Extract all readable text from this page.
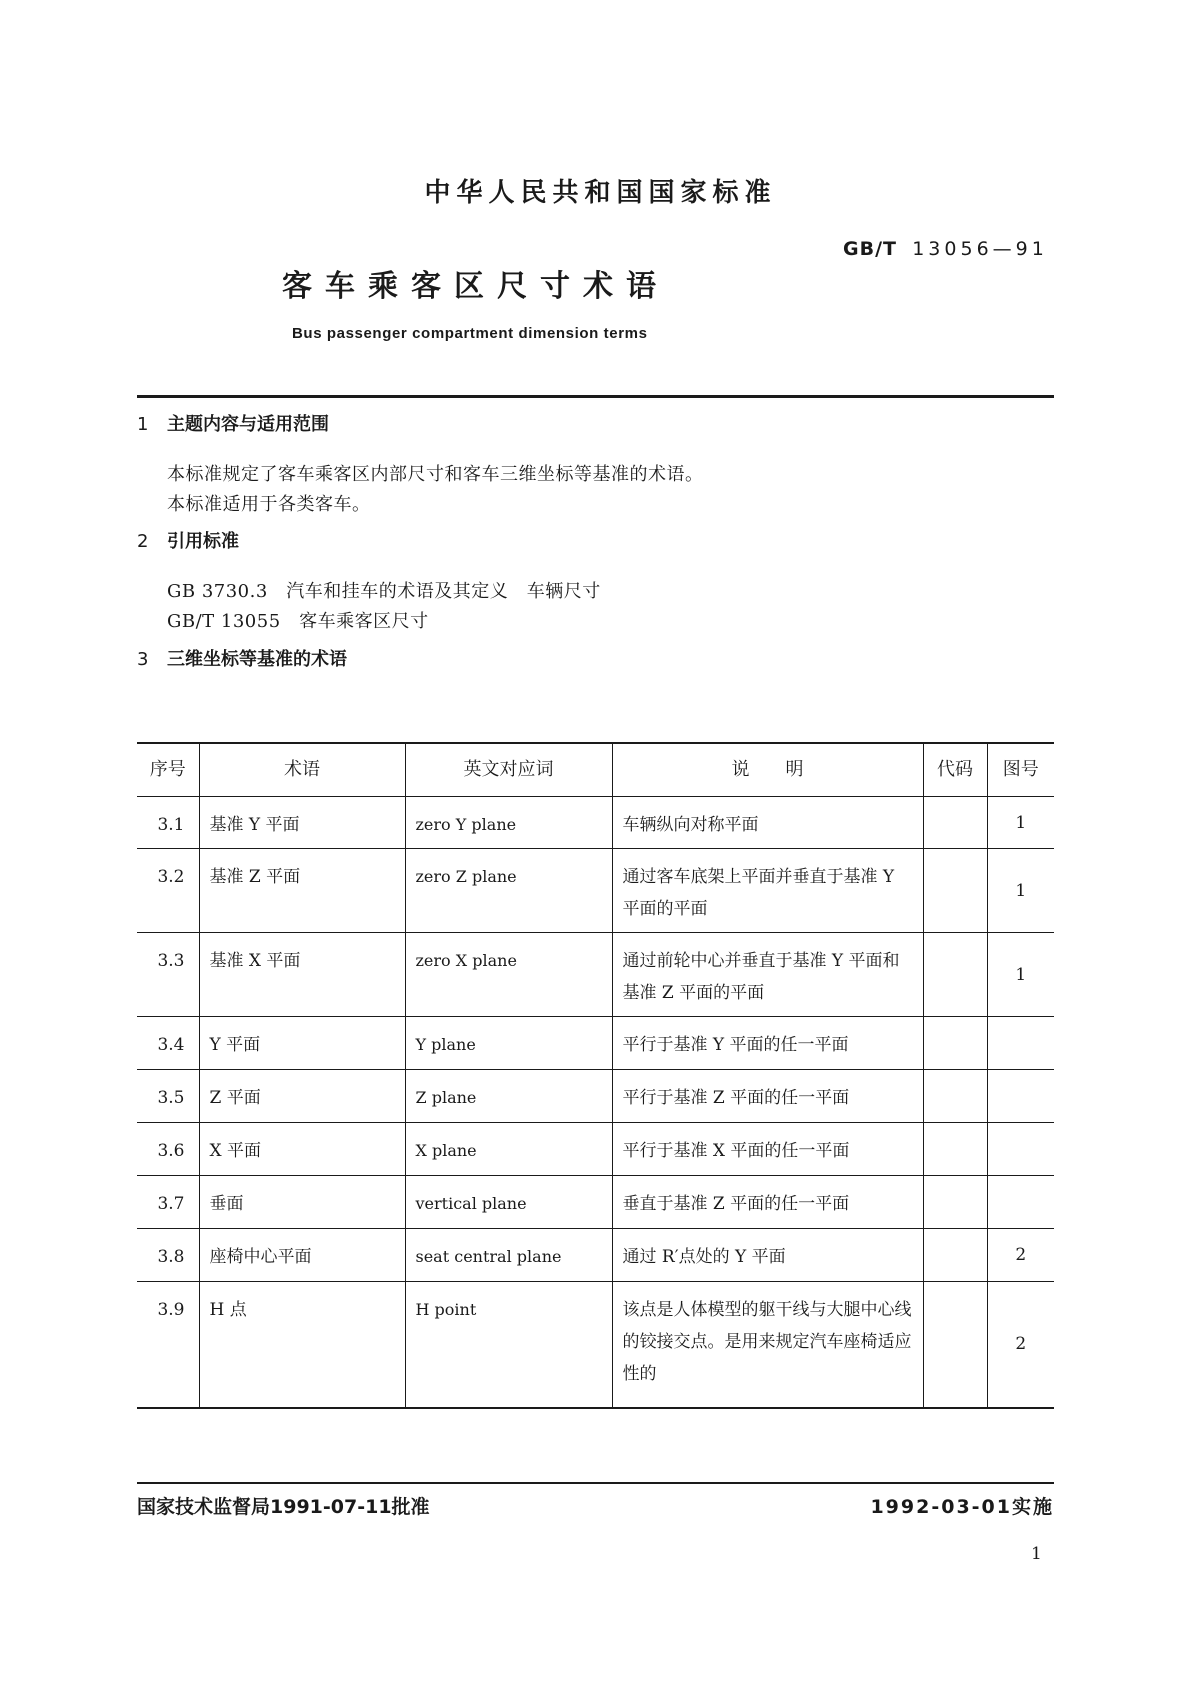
中华人民共和国国家标准
GB/T 13056—91
客车乘客区尺寸术语
Bus passenger compartment dimension terms
1 主题内容与适用范围
本标准规定了客车乘客区内部尺寸和客车三维坐标等基准的术语。
本标准适用于各类客车。
2 引用标准
GB 3730.3　汽车和挂车的术语及其定义　车辆尺寸
GB/T 13055　客车乘客区尺寸
3 三维坐标等基准的术语
序号	术语	英文对应词	说　　明	代码	图号
3.1	基准 Y 平面	zero Y plane	车辆纵向对称平面		1
3.2	基准 Z 平面	zero Z plane	通过客车底架上平面并垂直于基准 Y 平面的平面		1
3.3	基准 X 平面	zero X plane	通过前轮中心并垂直于基准 Y 平面和基准 Z 平面的平面		1
3.4	Y 平面	Y plane	平行于基准 Y 平面的任一平面		
3.5	Z 平面	Z plane	平行于基准 Z 平面的任一平面		
3.6	X 平面	X plane	平行于基准 X 平面的任一平面		
3.7	垂面	vertical plane	垂直于基准 Z 平面的任一平面		
3.8	座椅中心平面	seat central plane	通过 R′点处的 Y 平面		2
3.9	H 点	H point	该点是人体模型的躯干线与大腿中心线的铰接交点。是用来规定汽车座椅适应性的		2
国家技术监督局1991-07-11批准	1992-03-01实施
1
